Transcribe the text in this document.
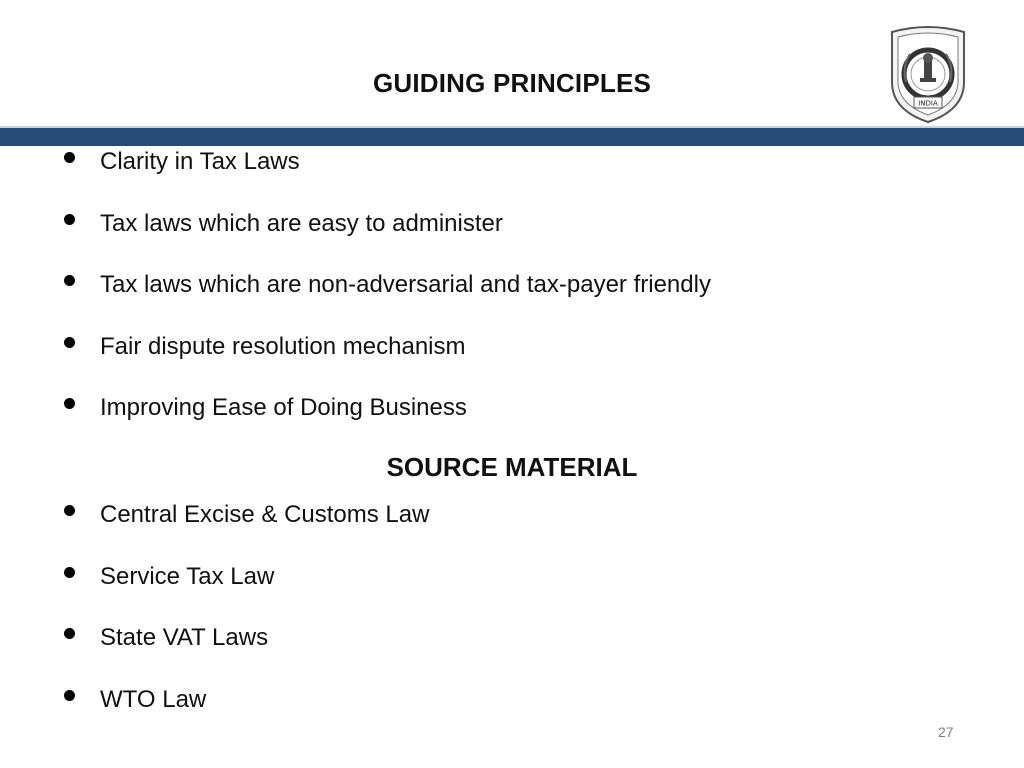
GUIDING PRINCIPLES
INDIA
Clarity in Tax Laws
Tax laws which are easy to administer
Tax laws which are non-adversarial and tax-payer friendly
Fair dispute resolution mechanism
Improving Ease of Doing Business
SOURCE MATERIAL
Central Excise & Customs Law
Service Tax Law
State VAT Laws
WTO Law
27
